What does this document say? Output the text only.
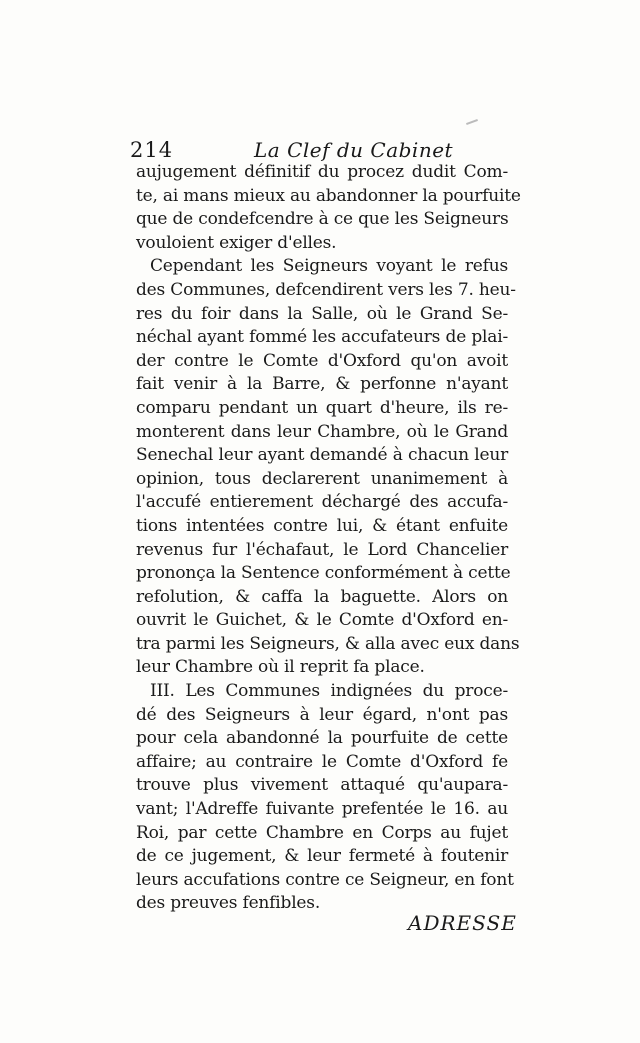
214	La Clef du Cabinet
aujugement définitif du procez dudit Com-
te, ai mans mieux au abandonner la pourfuite
que de condefcendre à ce que les Seigneurs
vouloient exiger d'elles.
Cependant les Seigneurs voyant le refus
des Communes, defcendirent vers les 7. heu-
res du foir dans la Salle, où le Grand Se-
néchal ayant fommé les accufateurs de plai-
der contre le Comte d'Oxford qu'on avoit
fait venir à la Barre, & perfonne n'ayant
comparu pendant un quart d'heure, ils re-
monterent dans leur Chambre, où le Grand
Senechal leur ayant demandé à chacun leur
opinion, tous declarerent unanimement à
l'accufé entierement déchargé des accufa-
tions intentées contre lui, & étant enfuite
revenus fur l'échafaut, le Lord Chancelier
prononça la Sentence conformément à cette
refolution, & caffa la baguette. Alors on
ouvrit le Guichet, & le Comte d'Oxford en-
tra parmi les Seigneurs, & alla avec eux dans
leur Chambre où il reprit fa place.
III. Les Communes indignées du proce-
dé des Seigneurs à leur égard, n'ont pas
pour cela abandonné la pourfuite de cette
affaire; au contraire le Comte d'Oxford fe
trouve plus vivement attaqué qu'aupara-
vant; l'Adreffe fuivante prefentée le 16. au
Roi, par cette Chambre en Corps au fujet
de ce jugement, & leur fermeté à foutenir
leurs accufations contre ce Seigneur, en font
des preuves fenfibles.
ADRESSE
